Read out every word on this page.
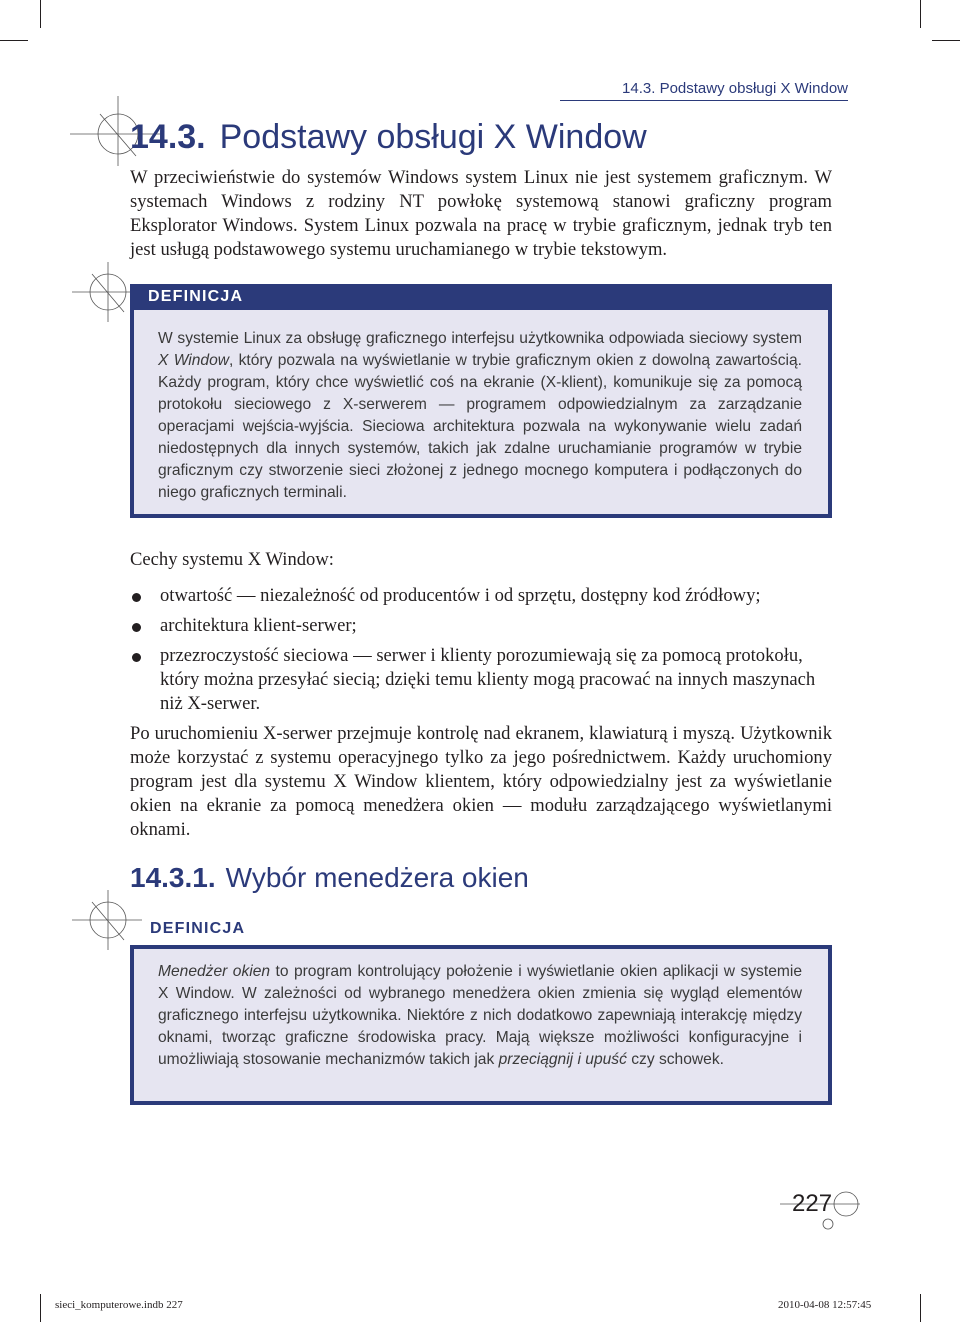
14.3. Podstawy obsługi X Window
14.3. Podstawy obsługi X Window

W przeciwieństwie do systemów Windows system Linux nie jest systemem graficznym. W systemach Windows z rodziny NT powłokę systemową stanowi graficzny program Eksplorator Windows. System Linux pozwala na pracę w trybie graficznym, jednak tryb ten jest usługą podstawowego systemu uruchamianego w trybie tekstowym.

DEFINICJA
W systemie Linux za obsługę graficznego interfejsu użytkownika odpowiada sieciowy system X Window, który pozwala na wyświetlanie w trybie graficznym okien z dowolną zawartością. Każdy program, który chce wyświetlić coś na ekranie (X-klient), komunikuje się za pomocą protokołu sieciowego z X-serwerem — programem odpowiedzialnym za zarządzanie operacjami wejścia-wyjścia. Sieciowa architektura pozwala na wykonywanie wielu zadań niedostępnych dla innych systemów, takich jak zdalne uruchamianie programów w trybie graficznym czy stworzenie sieci złożonej z jednego mocnego komputera i podłączonych do niego graficznych terminali.

Cechy systemu X Window:

otwartość — niezależność od producentów i od sprzętu, dostępny kod źródłowy;
architektura klient-serwer;
przezroczystość sieciowa — serwer i klienty porozumiewają się za pomocą protokołu, który można przesyłać siecią; dzięki temu klienty mogą pracować na innych maszynach niż X-serwer.

Po uruchomieniu X-serwer przejmuje kontrolę nad ekranem, klawiaturą i myszą. Użytkownik może korzystać z systemu operacyjnego tylko za jego pośrednictwem. Każdy uruchomiony program jest dla systemu X Window klientem, który odpowiedzialny jest za wyświetlanie okien na ekranie za pomocą menedżera okien — modułu zarządzającego wyświetlanymi oknami.

14.3.1. Wybór menedżera okien
DEFINICJA
Menedżer okien to program kontrolujący położenie i wyświetlanie okien aplikacji w systemie X Window. W zależności od wybranego menedżera okien zmienia się wygląd elementów graficznego interfejsu użytkownika. Niektóre z nich dodatkowo zapewniają interakcję między oknami, tworząc graficzne środowiska pracy. Mają większe możliwości konfiguracyjne i umożliwiają stosowanie mechanizmów takich jak przeciągnij i upuść czy schowek.
227
sieci_komputerowe.indb 227	2010-04-08 12:57:45
